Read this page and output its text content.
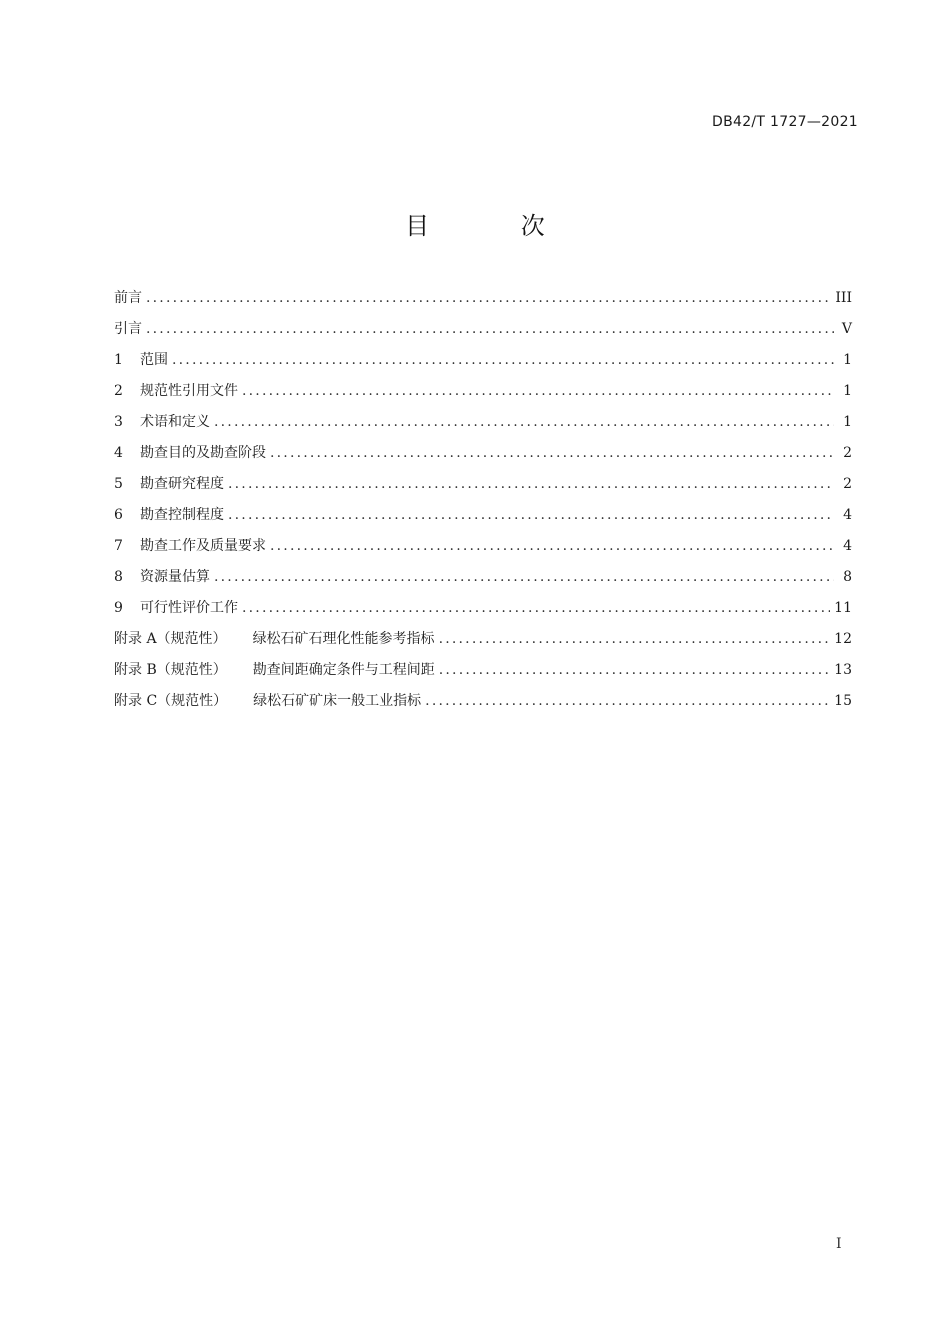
DB42/T 1727—2021
目 次
前言 .....	III
引言 .....	V
1	范围 .....	1
2	规范性引用文件 .....	1
3	术语和定义 .....	1
4	勘查目的及勘查阶段 .....	2
5	勘查研究程度 .....	2
6	勘查控制程度 .....	4
7	勘查工作及质量要求 .....	4
8	资源量估算 .....	8
9	可行性评价工作 .....	11
附录 A（规范性） 绿松石矿石理化性能参考指标 .....	12
附录 B（规范性） 勘查间距确定条件与工程间距 .....	13
附录 C（规范性） 绿松石矿矿床一般工业指标 .....	15
I
